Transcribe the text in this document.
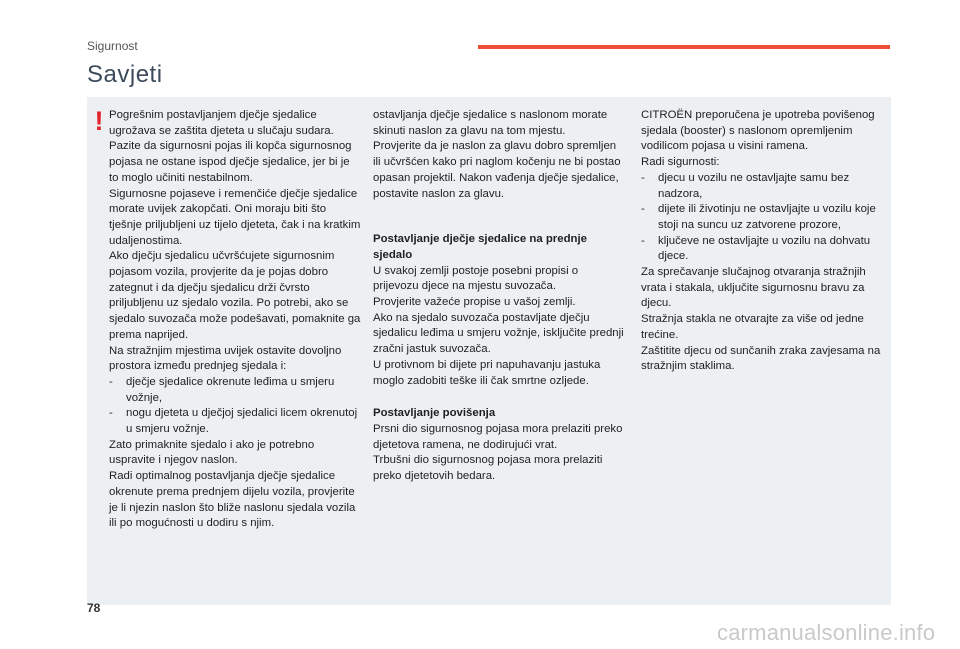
Sigurnost
Savjeti
! Pogrešnim postavljanjem dječje sjedalice ugrožava se zaštita djeteta u slučaju sudara.

Pazite da sigurnosni pojas ili kopča sigurnosnog pojasa ne ostane ispod dječje sjedalice, jer bi je to moglo učiniti nestabilnom.

Sigurnosne pojaseve i remenčiće dječje sjedalice morate uvijek zakopčati. Oni moraju biti što tješnje priljubljeni uz tijelo djeteta, čak i na kratkim udaljenostima.

Ako dječju sjedalicu učvršćujete sigurnosnim pojasom vozila, provjerite da je pojas dobro zategnut i da dječju sjedalicu drži čvrsto priljubljenu uz sjedalo vozila. Po potrebi, ako se sjedalo suvozača može podešavati, pomaknite ga prema naprijed.

Na stražnjim mjestima uvijek ostavite dovoljno prostora između prednjeg sjedala i:

- dječje sjedalice okrenute leđima u smjeru vožnje,

- nogu djeteta u dječjoj sjedalici licem okrenutoj u smjeru vožnje.

Zato primaknite sjedalo i ako je potrebno uspravite i njegov naslon.

Radi optimalnog postavljanja dječje sjedalice okrenute prema prednjem dijelu vozila, provjerite je li njezin naslon što bliže naslonu sjedala vozila ili po mogućnosti u dodiru s njim.

ostavljanja dječje sjedalice s naslonom morate skinuti naslon za glavu na tom mjestu.

Provjerite da je naslon za glavu dobro spremljen ili učvršćen kako pri naglom kočenju ne bi postao opasan projektil. Nakon vađenja dječje sjedalice, postavite naslon za glavu.

Postavljanje dječje sjedalice na prednje sjedalo

U svakoj zemlji postoje posebni propisi o prijevozu djece na mjestu suvozača.

Provjerite važeće propise u vašoj zemlji.

Ako na sjedalo suvozača postavljate dječju sjedalicu leđima u smjeru vožnje, isključite prednji zračni jastuk suvozača.

U protivnom bi dijete pri napuhavanju jastuka moglo zadobiti teške ili čak smrtne ozljede.

Postavljanje povišenja

Prsni dio sigurnosnog pojasa mora prelaziti preko djetetova ramena, ne dodirujući vrat.

Trbušni dio sigurnosnog pojasa mora prelaziti preko djetetovih bedara.

CITROËN preporučena je upotreba povišenog sjedala (booster) s naslonom opremljenim vodilicom pojasa u visini ramena.

Radi sigurnosti:

- djecu u vozilu ne ostavljajte samu bez nadzora,

- dijete ili životinju ne ostavljajte u vozilu koje stoji na suncu uz zatvorene prozore,

- ključeve ne ostavljajte u vozilu na dohvatu djece.

Za sprečavanje slučajnog otvaranja stražnjih vrata i stakala, uključite sigurnosnu bravu za djecu.

Stražnja stakla ne otvarajte za više od jedne trećine.

Zaštitite djecu od sunčanih zraka zavjesama na stražnjim staklima.

78
carmanualsonline.info
